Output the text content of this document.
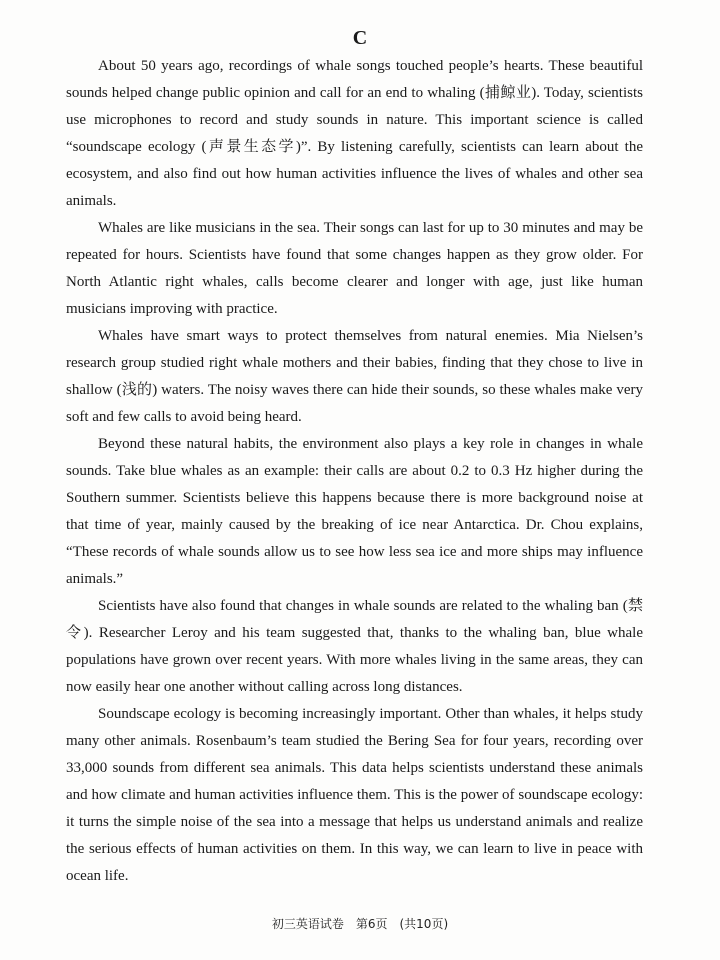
C

About 50 years ago, recordings of whale songs touched people’s hearts. These beautiful sounds helped change public opinion and call for an end to whaling (捕鲸业). Today, scientists use microphones to record and study sounds in nature. This important science is called “soundscape ecology (声景生态学)”. By listening carefully, scientists can learn about the ecosystem, and also find out how human activities influence the lives of whales and other sea animals.

Whales are like musicians in the sea. Their songs can last for up to 30 minutes and may be repeated for hours. Scientists have found that some changes happen as they grow older. For North Atlantic right whales, calls become clearer and longer with age, just like human musicians improving with practice.

Whales have smart ways to protect themselves from natural enemies. Mia Nielsen’s research group studied right whale mothers and their babies, finding that they chose to live in shallow (浅的) waters. The noisy waves there can hide their sounds, so these whales make very soft and few calls to avoid being heard.

Beyond these natural habits, the environment also plays a key role in changes in whale sounds. Take blue whales as an example: their calls are about 0.2 to 0.3 Hz higher during the Southern summer. Scientists believe this happens because there is more background noise at that time of year, mainly caused by the breaking of ice near Antarctica. Dr. Chou explains, “These records of whale sounds allow us to see how less sea ice and more ships may influence animals.”

Scientists have also found that changes in whale sounds are related to the whaling ban (禁令). Researcher Leroy and his team suggested that, thanks to the whaling ban, blue whale populations have grown over recent years. With more whales living in the same areas, they can now easily hear one another without calling across long distances.

Soundscape ecology is becoming increasingly important. Other than whales, it helps study many other animals. Rosenbaum’s team studied the Bering Sea for four years, recording over 33,000 sounds from different sea animals. This data helps scientists understand these animals and how climate and human activities influence them. This is the power of soundscape ecology: it turns the simple noise of the sea into a message that helps us understand animals and realize the serious effects of human activities on them. In this way, we can learn to live in peace with ocean life.

初三英语试卷　第6页　(共10页)
